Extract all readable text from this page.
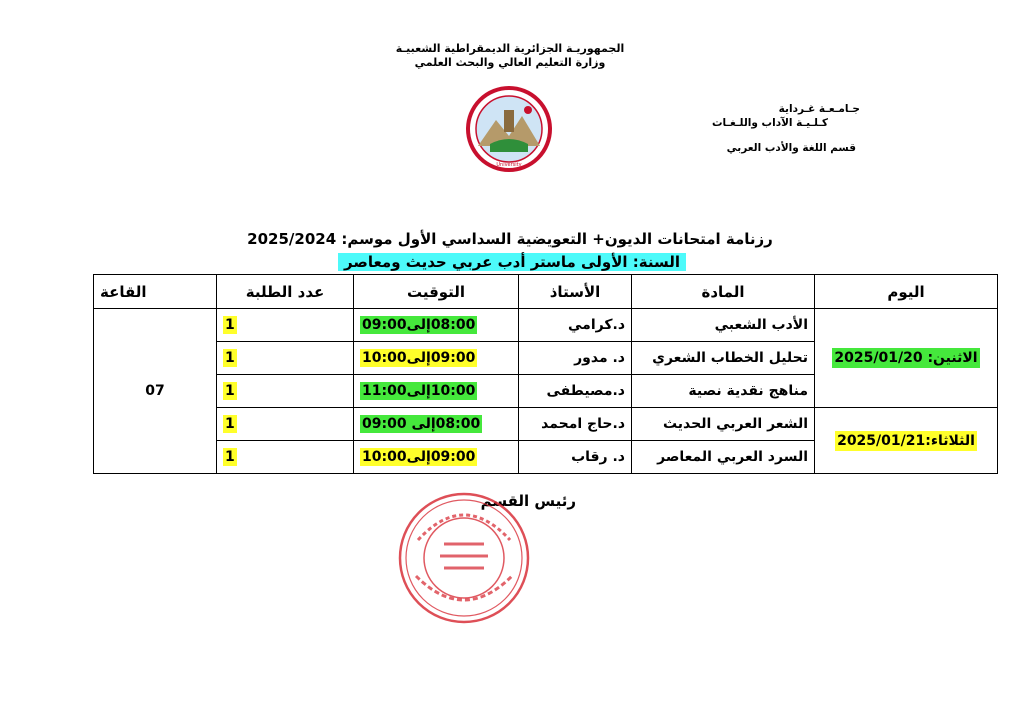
الجمهوريـة الجزائرية الديمقراطية الشعبيـة
وزارة التعليم العالي والبحث العلمي
جـامـعـة غـرداية
كـلـيـة الآداب واللـغـات
قسم اللغة والأدب العربي
University
رزنامة امتحانات الديون+ التعويضية السداسي الأول موسم: 2025/2024
السنة: الأولى ماستر أدب عربي حديث ومعاصر
اليوم	المادة	الأستاذ	التوقيت	عدد الطلبة	القاعة
الاثنين: 2025/01/20	الأدب الشعبي	د.كرامي	08:00إلى09:00	1	07
	تحليل الخطاب الشعري	د. مدور	09:00إلى10:00	1	
	مناهج نقدية نصية	د.مصيطفى	10:00إلى11:00	1	
الثلاثاء:2025/01/21	الشعر العربي الحديث	د.حاج امحمد	08:00إلى 09:00	1	
	السرد العربي المعاصر	د. رقاب	09:00إلى10:00	1	
رئيس القسم
